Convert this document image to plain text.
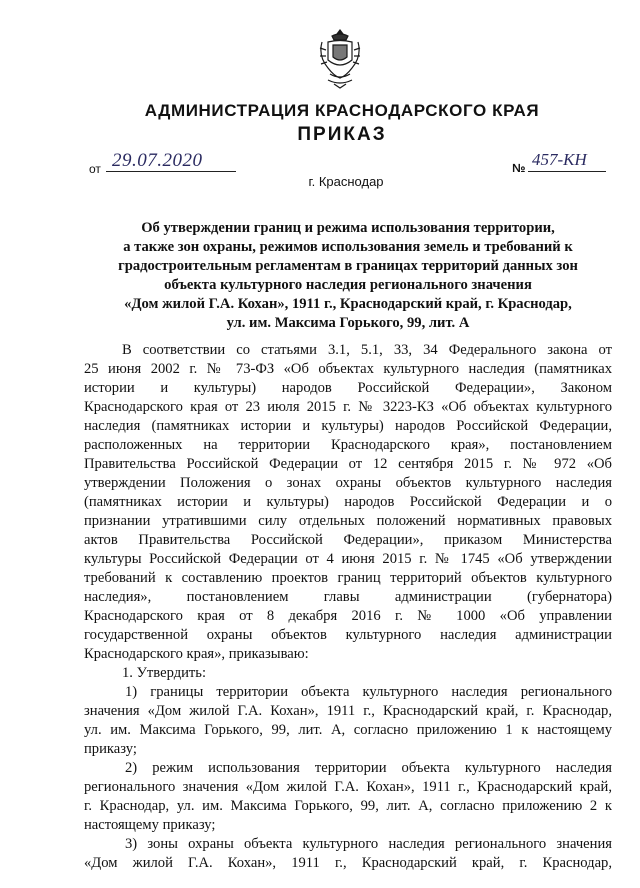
АДМИНИСТРАЦИЯ КРАСНОДАРСКОГО КРАЯ
ПРИКАЗ
от 29.07.2020	№ 457-КН
г. Краснодар
Об утверждении границ и режима использования территории,
а также зон охраны, режимов использования земель и требований к
градостроительным регламентам в границах территорий данных зон
объекта культурного наследия регионального значения
«Дом жилой Г.А. Кохан», 1911 г., Краснодарский край, г. Краснодар,
ул. им. Максима Горького, 99, лит. А
В соответствии со статьями 3.1, 5.1, 33, 34 Федерального закона от
25 июня 2002 г. № 73-ФЗ «Об объектах культурного наследия (памятниках
истории и культуры) народов Российской Федерации», Законом
Краснодарского края от 23 июля 2015 г. № 3223-КЗ «Об объектах культурного
наследия (памятниках истории и культуры) народов Российской Федерации,
расположенных на территории Краснодарского края», постановлением
Правительства Российской Федерации от 12 сентября 2015 г. № 972 «Об
утверждении Положения о зонах охраны объектов культурного наследия
(памятниках истории и культуры) народов Российской Федерации и о
признании утратившими силу отдельных положений нормативных правовых
актов Правительства Российской Федерации», приказом Министерства
культуры Российской Федерации от 4 июня 2015 г. № 1745 «Об утверждении
требований к составлению проектов границ территорий объектов культурного
наследия», постановлением главы администрации (губернатора)
Краснодарского края от 8 декабря 2016 г. № 1000 «Об управлении
государственной охраны объектов культурного наследия администрации
Краснодарского края», приказываю:
1. Утвердить:
1) границы территории объекта культурного наследия регионального
значения «Дом жилой Г.А. Кохан», 1911 г., Краснодарский край, г. Краснодар,
ул. им. Максима Горького, 99, лит. А, согласно приложению 1 к настоящему
приказу;
2) режим использования территории объекта культурного наследия
регионального значения «Дом жилой Г.А. Кохан», 1911 г., Краснодарский край,
г. Краснодар, ул. им. Максима Горького, 99, лит. А, согласно приложению 2 к
настоящему приказу;
3) зоны охраны объекта культурного наследия регионального значения
«Дом жилой Г.А. Кохан», 1911 г., Краснодарский край, г. Краснодар,
